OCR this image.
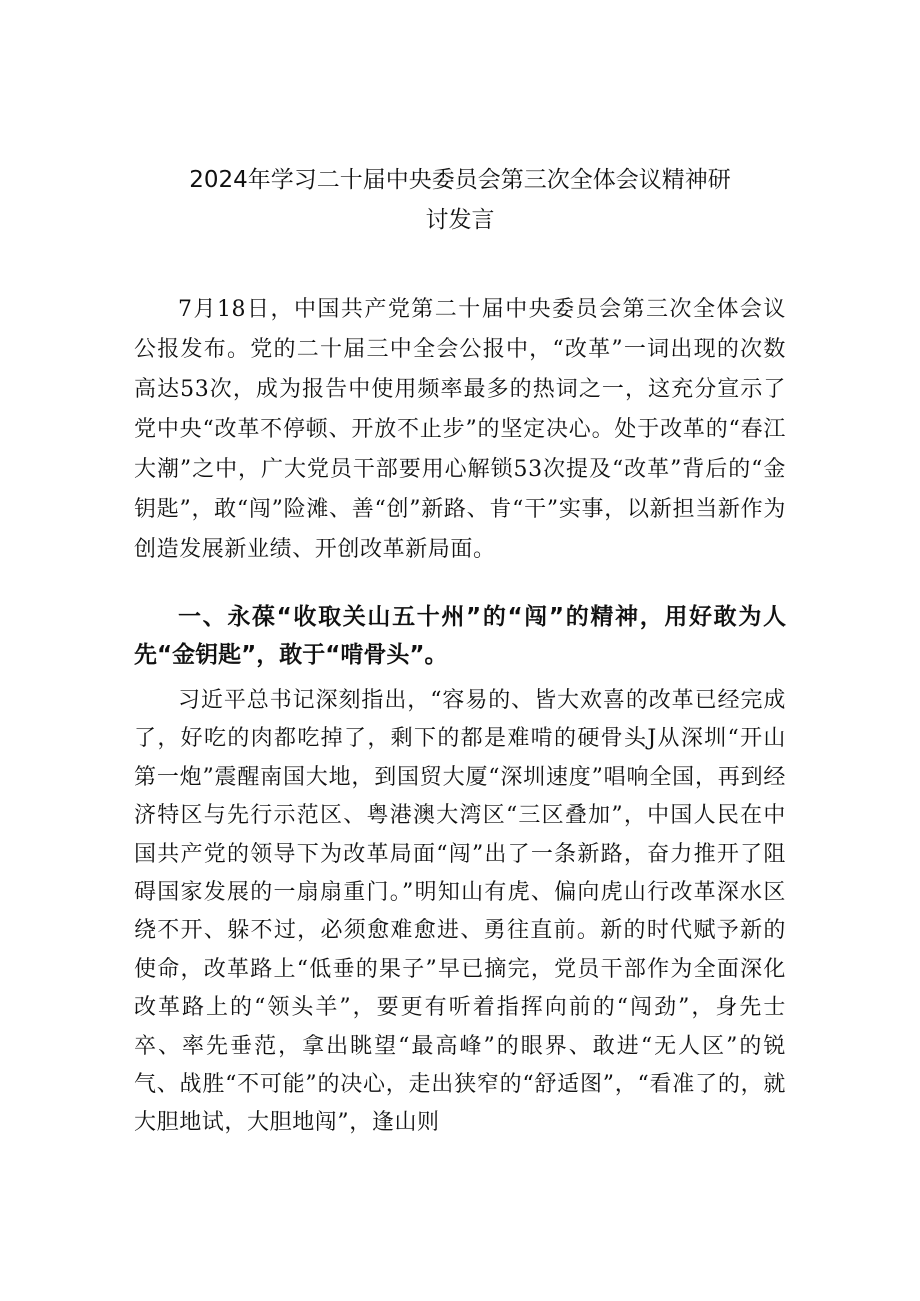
2024年学习二十届中央委员会第三次全体会议精神研
讨发言

7月18日，中国共产党第二十届中央委员会第三次全体会议公报发布。党的二十届三中全会公报中，“改革”一词出现的次数高达53次，成为报告中使用频率最多的热词之一，这充分宣示了党中央“改革不停顿、开放不止步”的坚定决心。处于改革的“春江大潮”之中，广大党员干部要用心解锁53次提及“改革”背后的“金钥匙”，敢“闯”险滩、善“创”新路、肯“干”实事，以新担当新作为创造发展新业绩、开创改革新局面。

一、永葆“收取关山五十州”的“闯”的精神，用好敢为人先“金钥匙”，敢于“啃骨头”。

习近平总书记深刻指出，“容易的、皆大欢喜的改革已经完成了，好吃的肉都吃掉了，剩下的都是难啃的硬骨头J从深圳“开山第一炮”震醒南国大地，到国贸大厦“深圳速度”唱响全国，再到经济特区与先行示范区、粤港澳大湾区“三区叠加”，中国人民在中国共产党的领导下为改革局面“闯”出了一条新路，奋力推开了阻碍国家发展的一扇扇重门。”明知山有虎、偏向虎山行改革深水区绕不开、躲不过，必须愈难愈进、勇往直前。新的时代赋予新的使命，改革路上“低垂的果子”早已摘完，党员干部作为全面深化改革路上的“领头羊”，要更有听着指挥向前的“闯劲”，身先士卒、率先垂范，拿出眺望“最高峰”的眼界、敢进“无人区”的锐气、战胜“不可能”的决心，走出狭窄的“舒适图”，“看准了的，就大胆地试，大胆地闯”，逢山则
